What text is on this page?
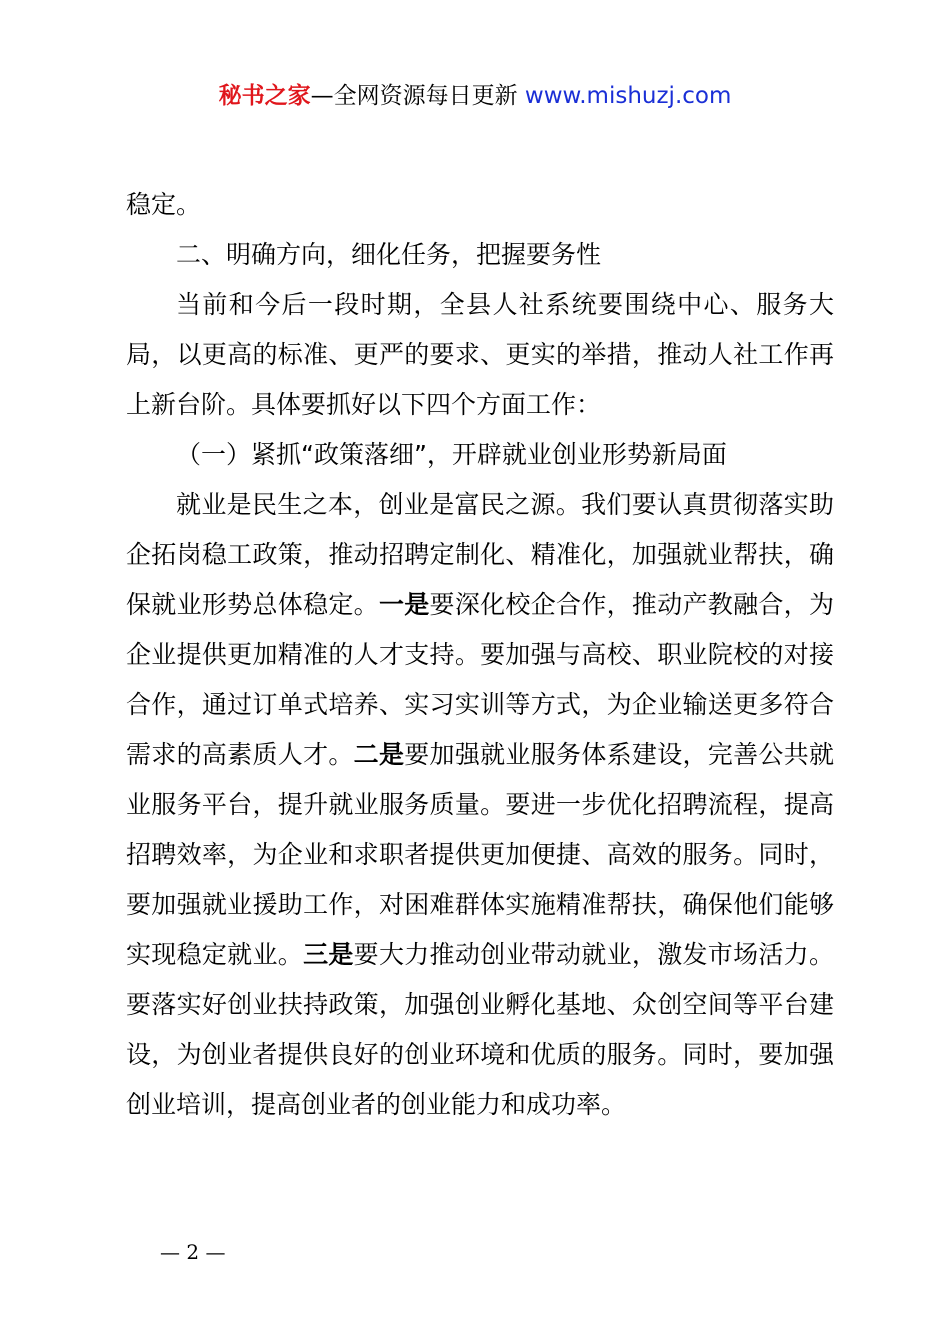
秘书之家—全网资源每日更新 www.mishuzj.com

稳定。

二、明确方向，细化任务，把握要务性

当前和今后一段时期，全县人社系统要围绕中心、服务大局，以更高的标准、更严的要求、更实的举措，推动人社工作再上新台阶。具体要抓好以下四个方面工作：

（一）紧抓“政策落细”，开辟就业创业形势新局面

就业是民生之本，创业是富民之源。我们要认真贯彻落实助企拓岗稳工政策，推动招聘定制化、精准化，加强就业帮扶，确保就业形势总体稳定。一是要深化校企合作，推动产教融合，为企业提供更加精准的人才支持。要加强与高校、职业院校的对接合作，通过订单式培养、实习实训等方式，为企业输送更多符合需求的高素质人才。二是要加强就业服务体系建设，完善公共就业服务平台，提升就业服务质量。要进一步优化招聘流程，提高招聘效率，为企业和求职者提供更加便捷、高效的服务。同时，要加强就业援助工作，对困难群体实施精准帮扶，确保他们能够实现稳定就业。三是要大力推动创业带动就业，激发市场活力。要落实好创业扶持政策，加强创业孵化基地、众创空间等平台建设，为创业者提供良好的创业环境和优质的服务。同时，要加强创业培训，提高创业者的创业能力和成功率。

— 2 —
